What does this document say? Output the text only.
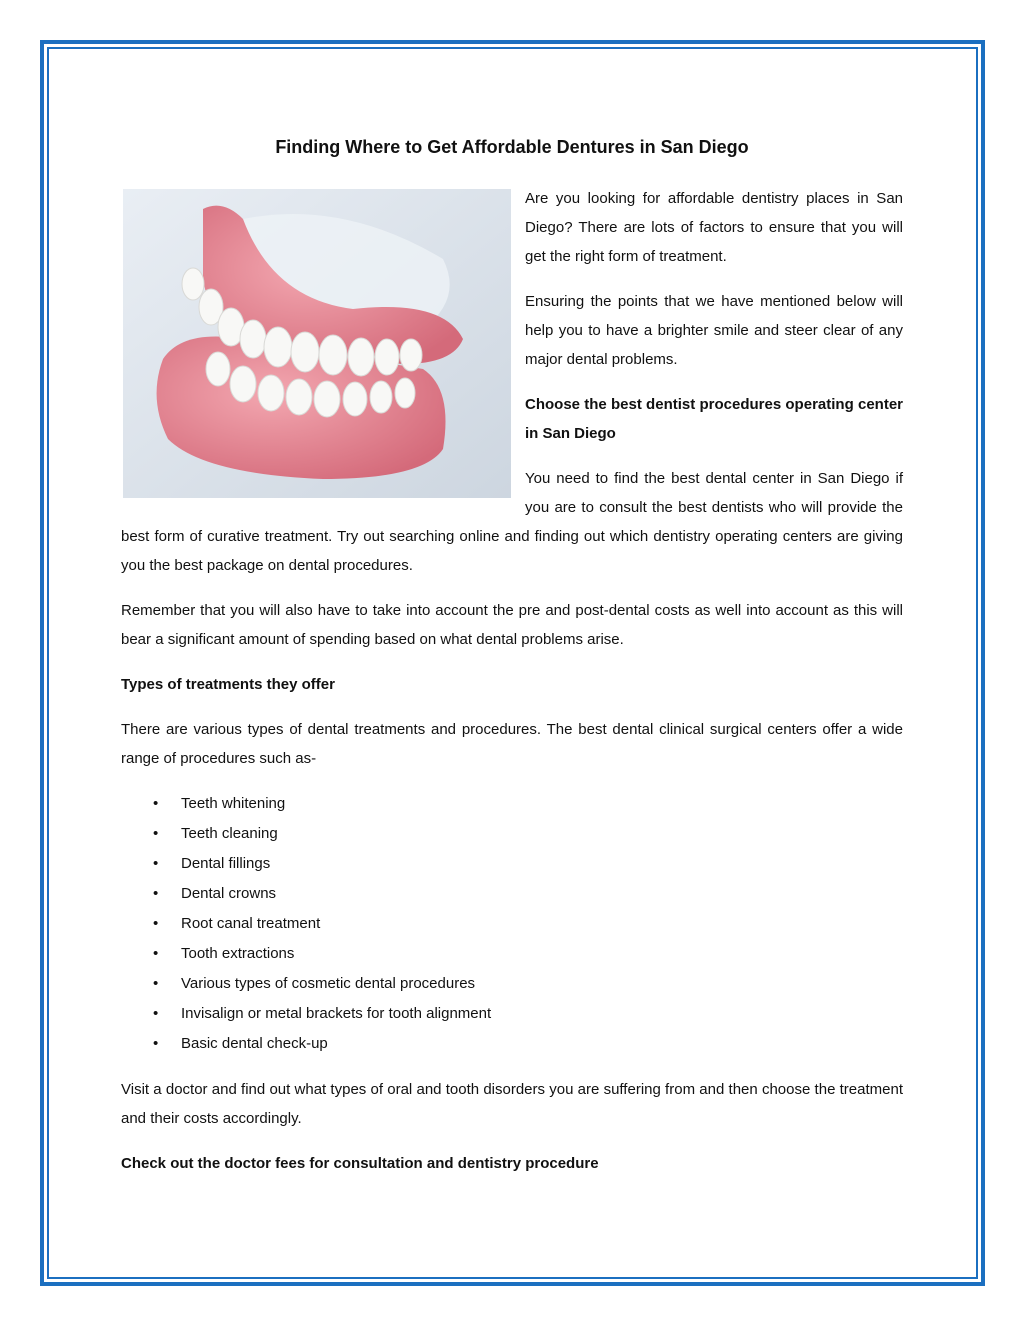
Finding Where to Get Affordable Dentures in San Diego

Are you looking for affordable dentistry places in San Diego? There are lots of factors to ensure that you will get the right form of treatment.

Ensuring the points that we have mentioned below will help you to have a brighter smile and steer clear of any major dental problems.

Choose the best dentist procedures operating center in San Diego

You need to find the best dental center in San Diego if you are to consult the best dentists who will provide the best form of curative treatment. Try out searching online and finding out which dentistry operating centers are giving you the best package on dental procedures.

Remember that you will also have to take into account the pre and post-dental costs as well into account as this will bear a significant amount of spending based on what dental problems arise.

Types of treatments they offer

There are various types of dental treatments and procedures. The best dental clinical surgical centers offer a wide range of procedures such as-

• Teeth whitening
• Teeth cleaning
• Dental fillings
• Dental crowns
• Root canal treatment
• Tooth extractions
• Various types of cosmetic dental procedures
• Invisalign or metal brackets for tooth alignment
• Basic dental check-up

Visit a doctor and find out what types of oral and tooth disorders you are suffering from and then choose the treatment and their costs accordingly.

Check out the doctor fees for consultation and dentistry procedure
